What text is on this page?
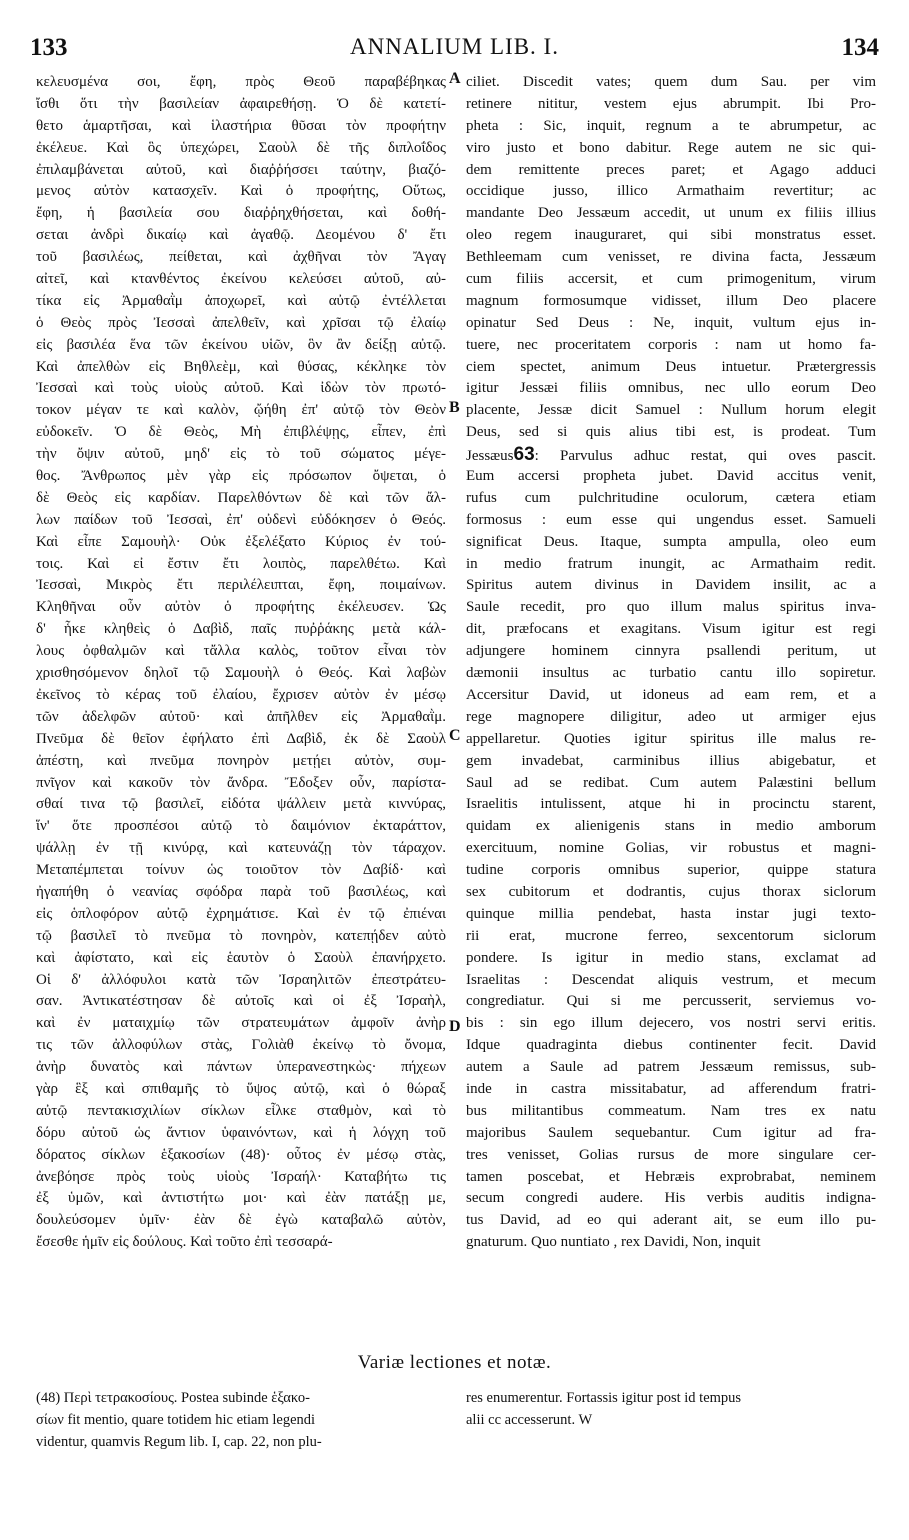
133	ANNALIUM LIB. I.	134
κελευσμένα σοι, ἔφη, πρὸς Θεοῦ παραβέβηκας
ἴσθι ὅτι τὴν βασιλείαν ἀφαιρεθήσῃ. Ὁ δὲ κατετί-
θετο ἁμαρτῆσαι, καὶ ἱλαστήρια θῦσαι τὸν προφήτην
ἐκέλευε. Καὶ ὃς ὑπεχώρει, Σαοὺλ δὲ τῆς διπλοΐδος
ἐπιλαμβάνεται αὐτοῦ, καὶ διαῤῥήσσει ταύτην, βιαζό-
μενος αὐτὸν κατασχεῖν. Καὶ ὁ προφήτης, Οὕτως,
ἔφη, ἡ βασιλεία σου διαῤῥηχθήσεται, καὶ δοθή-
σεται ἀνδρὶ δικαίῳ καὶ ἀγαθῷ. Δεομένου δ' ἔτι
τοῦ βασιλέως, πείθεται, καὶ ἀχθῆναι τὸν Ἄγαγ
αἰτεῖ, καὶ κτανθέντος ἐκείνου κελεύσει αὐτοῦ, αὐ-
τίκα εἰς Ἀρμαθαῒμ ἀποχωρεῖ, καὶ αὐτῷ ἐντέλλεται
ὁ Θεὸς πρὸς Ἰεσσαὶ ἀπελθεῖν, καὶ χρῖσαι τῷ ἐλαίῳ
εἰς βασιλέα ἕνα τῶν ἐκείνου υἱῶν, ὃν ἂν δείξῃ αὐτῷ.
Καὶ ἀπελθὼν εἰς Βηθλεὲμ, καὶ θύσας, κέκληκε τὸν
Ἰεσσαὶ καὶ τοὺς υἱοὺς αὐτοῦ. Καὶ ἰδὼν τὸν πρωτό-
τοκον μέγαν τε καὶ καλὸν, ᾤήθη ἐπ' αὐτῷ τὸν Θεὸν
εὐδοκεῖν. Ὁ δὲ Θεὸς, Μὴ ἐπιβλέψῃς, εἶπεν, ἐπὶ
τὴν ὄψιν αὐτοῦ, μηδ' εἰς τὸ τοῦ σώματος μέγε-
θος. Ἄνθρωπος μὲν γὰρ εἰς πρόσωπον ὄψεται, ὁ
δὲ Θεὸς εἰς καρδίαν. Παρελθόντων δὲ καὶ τῶν ἄλ-
λων παίδων τοῦ Ἰεσσαὶ, ἐπ' οὐδενὶ εὐδόκησεν ὁ Θεός.
Καὶ εἶπε Σαμουὴλ· Οὐκ ἐξελέξατο Κύριος ἐν τού-
τοις. Καὶ εἰ ἔστιν ἔτι λοιπὸς, παρελθέτω. Καὶ
Ἰεσσαὶ, Μικρὸς ἔτι περιλέλειπται, ἔφη, ποιμαίνων.
Κληθῆναι οὖν αὐτὸν ὁ προφήτης ἐκέλευσεν. Ὡς
δ' ἧκε κληθεὶς ὁ Δαβὶδ, παῖς πυῤῥάκης μετὰ κάλ-
λους ὀφθαλμῶν καὶ τἄλλα καλὸς, τοῦτον εἶναι τὸν
χρισθησόμενον δηλοῖ τῷ Σαμουὴλ ὁ Θεός. Καὶ λαβὼν
ἐκεῖνος τὸ κέρας τοῦ ἐλαίου, ἔχρισεν αὐτὸν ἐν μέσῳ
τῶν ἀδελφῶν αὐτοῦ· καὶ ἀπῆλθεν εἰς Ἀρμαθαῒμ.
Πνεῦμα δὲ θεῖον ἐφήλατο ἐπὶ Δαβὶδ, ἐκ δὲ Σαοὺλ
ἀπέστη, καὶ πνεῦμα πονηρὸν μετῄει αὐτὸν, συμ-
πνῖγον καὶ κακοῦν τὸν ἄνδρα. Ἔδοξεν οὖν, παρίστα-
σθαί τινα τῷ βασιλεῖ, εἰδότα ψάλλειν μετὰ κιννύρας,
ἵν' ὅτε προσπέσοι αὐτῷ τὸ δαιμόνιον ἐκταράττον,
ψάλλῃ ἐν τῇ κινύρᾳ, καὶ κατευνάζῃ τὸν τάραχον.
Μεταπέμπεται τοίνυν ὡς τοιοῦτον τὸν Δαβίδ· καὶ
ἠγαπήθη ὁ νεανίας σφόδρα παρὰ τοῦ βασιλέως, καὶ
εἰς ὁπλοφόρον αὐτῷ ἐχρημάτισε. Καὶ ἐν τῷ ἐπιέναι
τῷ βασιλεῖ τὸ πνεῦμα τὸ πονηρὸν, κατεπῄδεν αὐτὸ
καὶ ἀφίστατο, καὶ εἰς ἑαυτὸν ὁ Σαοὺλ ἐπανήρχετο.
Οἱ δ' ἀλλόφυλοι κατὰ τῶν Ἰσραηλιτῶν ἐπεστράτευ-
σαν. Ἀντικατέστησαν δὲ αὐτοῖς καὶ οἱ ἐξ Ἰσραὴλ,
καὶ ἐν ματαιχμίῳ τῶν στρατευμάτων ἀμφοῖν ἀνὴρ
τις τῶν ἀλλοφύλων στὰς, Γολιὰθ ἐκείνῳ τὸ ὄνομα,
ἀνὴρ δυνατὸς καὶ πάντων ὑπερανεστηκὼς· πήχεων
γὰρ ἓξ καὶ σπιθαμῆς τὸ ὕψος αὐτῷ, καὶ ὁ θώραξ
αὐτῷ πεντακισχιλίων σίκλων εἷλκε σταθμὸν, καὶ τὸ
δόρυ αὐτοῦ ὡς ἄντιον ὑφαινόντων, καὶ ἡ λόγχη τοῦ
δόρατος σίκλων ἑξακοσίων (48)· οὗτος ἐν μέσῳ στὰς,
ἀνεβόησε πρὸς τοὺς υἱοὺς Ἰσραήλ· Καταβήτω τις
ἐξ ὑμῶν, καὶ ἀντιστήτω μοι· καὶ ἐὰν πατάξῃ με,
δουλεύσομεν ὑμῖν· ἐὰν δὲ ἐγὼ καταβαλῶ αὐτὸν,
ἔσεσθε ἡμῖν εἰς δούλους. Καὶ τοῦτο ἐπὶ τεσσαρά-
ciliet. Discedit vates; quem dum Sau. per vim
retinere nititur, vestem ejus abrumpit. Ibi Pro-
pheta : Sic, inquit, regnum a te abrumpetur, ac
viro justo et bono dabitur. Rege autem ne sic qui-
dem remittente preces paret; et Agago adduci
occidique jusso, illico Armathaim revertitur; ac
mandante Deo Jessæum accedit, ut unum ex filiis illius
oleo regem inauguraret, qui sibi monstratus esset.
Bethleemam cum venisset, re divina facta, Jessæum
cum filiis accersit, et cum primogenitum, virum
magnum formosumque vidisset, illum Deo placere
opinatur Sed Deus : Ne, inquit, vultum ejus in-
tuere, nec proceritatem corporis : nam ut homo fa-
ciem spectet, animum Deus intuetur. Prætergressis
igitur Jessæi filiis omnibus, nec ullo eorum Deo
placente, Jessæ dicit Samuel : Nullum horum elegit
Deus, sed si quis alius tibi est, is prodeat. Tum
Jessæus63: Parvulus adhuc restat, qui oves pascit.
Eum accersi propheta jubet. David accitus venit,
rufus cum pulchritudine oculorum, cætera etiam
formosus : eum esse qui ungendus esset. Samueli
significat Deus. Itaque, sumpta ampulla, oleo eum
in medio fratrum inungit, ac Armathaim redit.
Spiritus autem divinus in Davidem insilit, ac a
Saule recedit, pro quo illum malus spiritus inva-
dit, præfocans et exagitans. Visum igitur est regi
adjungere hominem cinnyra psallendi peritum, ut
dæmonii insultus ac turbatio cantu illo sopiretur.
Accersitur David, ut idoneus ad eam rem, et a
rege magnopere diligitur, adeo ut armiger ejus
appellaretur. Quoties igitur spiritus ille malus re-
gem invadebat, carminibus illius abigebatur, et
Saul ad se redibat. Cum autem Palæstini bellum
Israelitis intulissent, atque hi in procinctu starent,
quidam ex alienigenis stans in medio amborum
exercituum, nomine Golias, vir robustus et magni-
tudine corporis omnibus superior, quippe statura
sex cubitorum et dodrantis, cujus thorax siclorum
quinque millia pendebat, hasta instar jugi texto-
rii erat, mucrone ferreo, sexcentorum siclorum
pondere. Is igitur in medio stans, exclamat ad
Israelitas : Descendat aliquis vestrum, et mecum
congrediatur. Qui si me percusserit, serviemus vo-
bis : sin ego illum dejecero, vos nostri servi eritis.
Idque quadraginta diebus continenter fecit. David
autem a Saule ad patrem Jessæum remissus, sub-
inde in castra missitabatur, ad afferendum fratri-
bus militantibus commeatum. Nam tres ex natu
majoribus Saulem sequebantur. Cum igitur ad fra-
tres venisset, Golias rursus de more singulare cer-
tamen poscebat, et Hebræis exprobrabat, neminem
secum congredi audere. His verbis auditis indigna-
tus David, ad eo qui aderant ait, se eum illo pu-
gnaturum. Quo nuntiato , rex Davidi, Non, inquit
A
B
C
D
Variæ lectiones et notæ.
(48) Περὶ τετρακοσίους. Postea subinde ἑξακο-
σίων fit mentio, quare totidem hic etiam legendi
videntur, quamvis Regum lib. I, cap. 22, non plu-
res enumerentur. Fortassis igitur post id tempus
alii cc accesserunt. W
